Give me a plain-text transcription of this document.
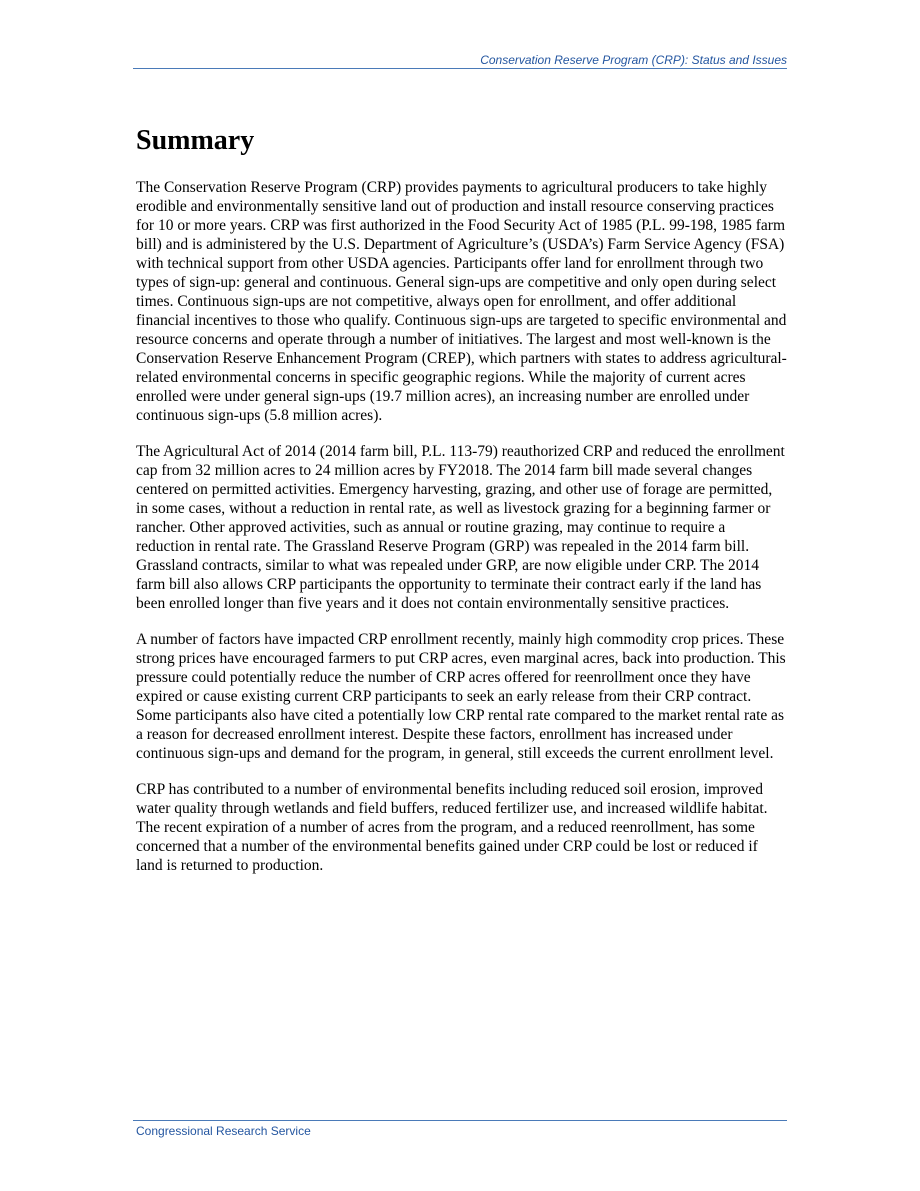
Conservation Reserve Program (CRP): Status and Issues
Summary

The Conservation Reserve Program (CRP) provides payments to agricultural producers to take highly erodible and environmentally sensitive land out of production and install resource conserving practices for 10 or more years. CRP was first authorized in the Food Security Act of 1985 (P.L. 99-198, 1985 farm bill) and is administered by the U.S. Department of Agriculture’s (USDA’s) Farm Service Agency (FSA) with technical support from other USDA agencies. Participants offer land for enrollment through two types of sign-up: general and continuous. General sign-ups are competitive and only open during select times. Continuous sign-ups are not competitive, always open for enrollment, and offer additional financial incentives to those who qualify. Continuous sign-ups are targeted to specific environmental and resource concerns and operate through a number of initiatives. The largest and most well-known is the Conservation Reserve Enhancement Program (CREP), which partners with states to address agricultural-related environmental concerns in specific geographic regions. While the majority of current acres enrolled were under general sign-ups (19.7 million acres), an increasing number are enrolled under continuous sign-ups (5.8 million acres).

The Agricultural Act of 2014 (2014 farm bill, P.L. 113-79) reauthorized CRP and reduced the enrollment cap from 32 million acres to 24 million acres by FY2018. The 2014 farm bill made several changes centered on permitted activities. Emergency harvesting, grazing, and other use of forage are permitted, in some cases, without a reduction in rental rate, as well as livestock grazing for a beginning farmer or rancher. Other approved activities, such as annual or routine grazing, may continue to require a reduction in rental rate. The Grassland Reserve Program (GRP) was repealed in the 2014 farm bill. Grassland contracts, similar to what was repealed under GRP, are now eligible under CRP. The 2014 farm bill also allows CRP participants the opportunity to terminate their contract early if the land has been enrolled longer than five years and it does not contain environmentally sensitive practices.

A number of factors have impacted CRP enrollment recently, mainly high commodity crop prices. These strong prices have encouraged farmers to put CRP acres, even marginal acres, back into production. This pressure could potentially reduce the number of CRP acres offered for reenrollment once they have expired or cause existing current CRP participants to seek an early release from their CRP contract. Some participants also have cited a potentially low CRP rental rate compared to the market rental rate as a reason for decreased enrollment interest. Despite these factors, enrollment has increased under continuous sign-ups and demand for the program, in general, still exceeds the current enrollment level.

CRP has contributed to a number of environmental benefits including reduced soil erosion, improved water quality through wetlands and field buffers, reduced fertilizer use, and increased wildlife habitat. The recent expiration of a number of acres from the program, and a reduced reenrollment, has some concerned that a number of the environmental benefits gained under CRP could be lost or reduced if land is returned to production.

Congressional Research Service
